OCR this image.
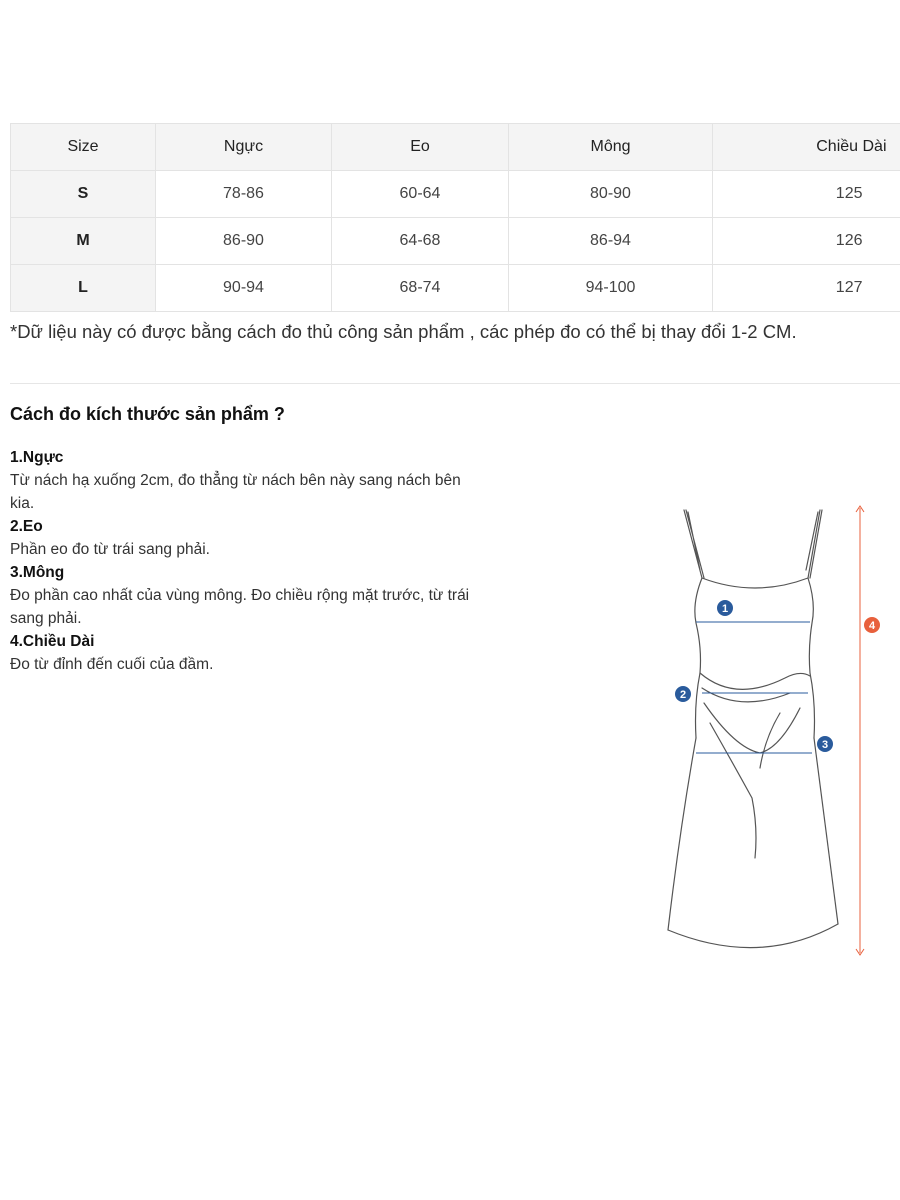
Size	Ngực	Eo	Mông	Chiều Dài
S	78-86	60-64	80-90	125
M	86-90	64-68	86-94	126
L	90-94	68-74	94-100	127

*Dữ liệu này có được bằng cách đo thủ công sản phẩm , các phép đo có thể bị thay đổi 1-2 CM.

Cách đo kích thước sản phẩm ?
1.Ngực
Từ nách hạ xuống 2cm, đo thẳng từ nách bên này sang nách bên kia.
2.Eo
Phần eo đo từ trái sang phải.
3.Mông
Đo phần cao nhất của vùng mông. Đo chiều rộng mặt trước, từ trái sang phải.
4.Chiều Dài
Đo từ đỉnh đến cuối của đầm.
1
2
3
4
